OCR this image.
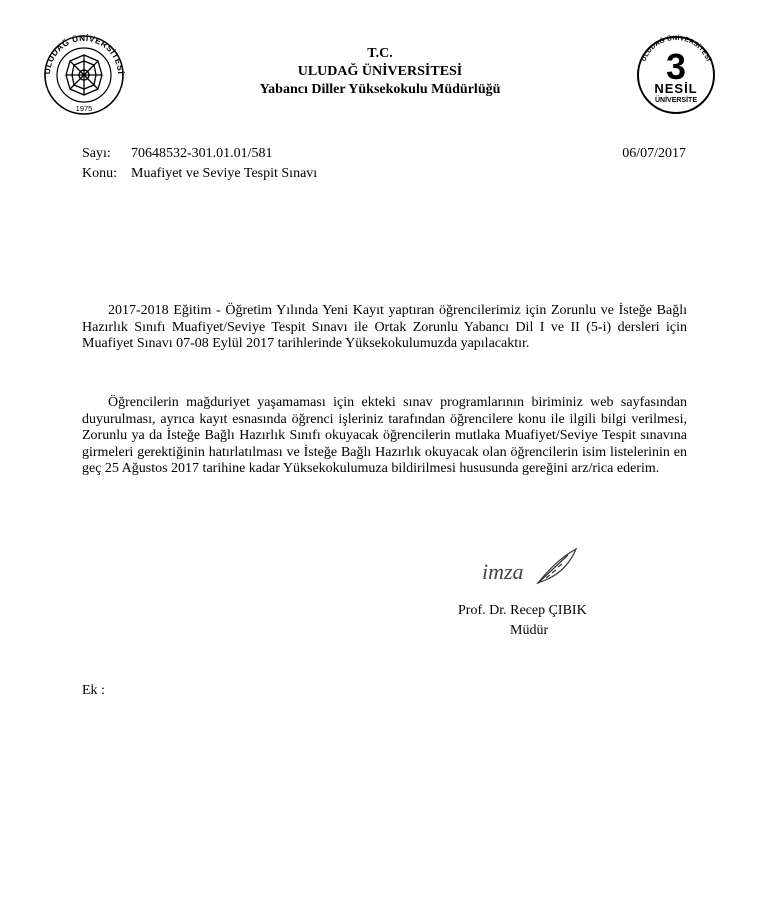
ULUDAĞ ÜNİVERSİTESİ
1975
T.C.
ULUDAĞ ÜNİVERSİTESİ
Yabancı Diller Yüksekokulu Müdürlüğü
ULUDAĞ ÜNİVERSİTESİ
3
NESİL
ÜNİVERSİTE
Sayı: 70648532-301.01.01/581	06/07/2017
Konu: Muafiyet ve Seviye Tespit Sınavı
2017-2018 Eğitim - Öğretim Yılında Yeni Kayıt yaptıran öğrencilerimiz için Zorunlu ve İsteğe Bağlı Hazırlık Sınıfı Muafiyet/Seviye Tespit Sınavı ile Ortak Zorunlu Yabancı Dil I ve II (5-i) dersleri için Muafiyet Sınavı 07-08 Eylül 2017 tarihlerinde Yüksekokulumuzda yapılacaktır.
Öğrencilerin mağduriyet yaşamaması için ekteki sınav programlarının biriminiz web sayfasından duyurulması, ayrıca kayıt esnasında öğrenci işleriniz tarafından öğrencilere konu ile ilgili bilgi verilmesi, Zorunlu ya da İsteğe Bağlı Hazırlık Sınıfı okuyacak öğrencilerin mutlaka Muafiyet/Seviye Tespit sınavına girmeleri gerektiğinin hatırlatılması ve İsteğe Bağlı Hazırlık okuyacak olan öğrencilerin isim listelerinin en geç 25 Ağustos 2017 tarihine kadar Yüksekokulumuza bildirilmesi hususunda gereğini arz/rica ederim.
imza
Prof. Dr. Recep ÇIBIK
Müdür
Ek :
